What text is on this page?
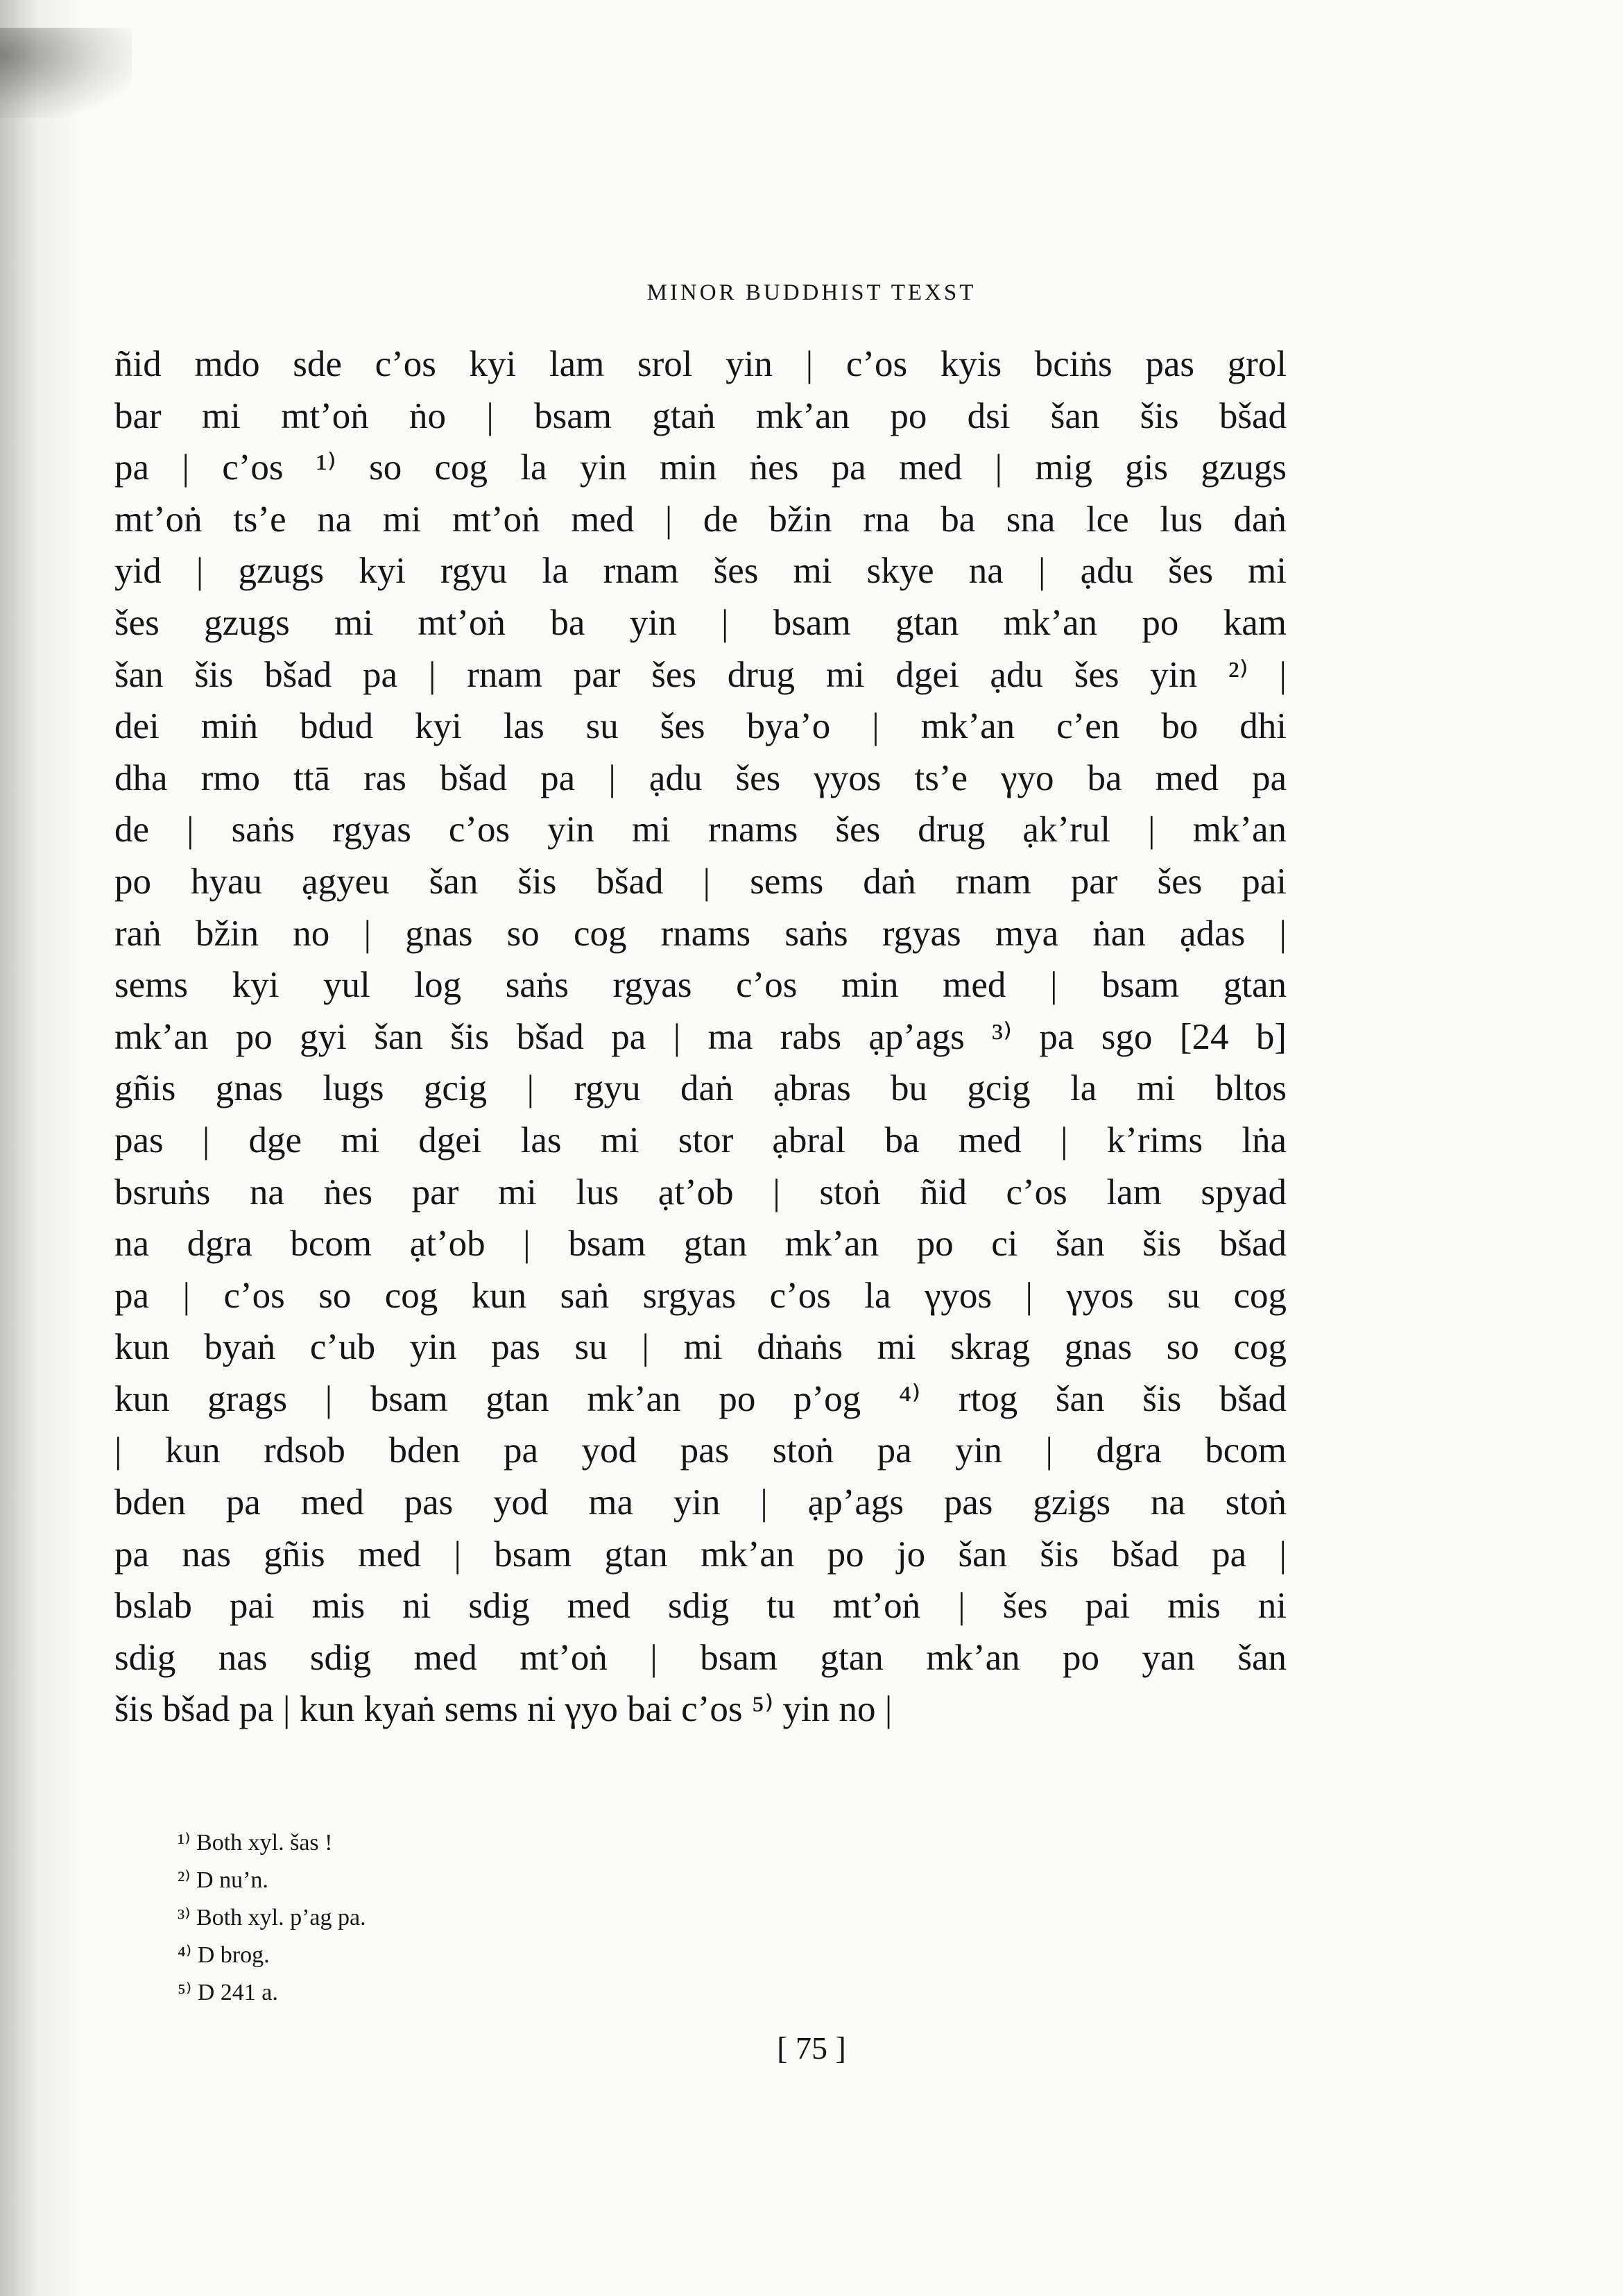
MINOR BUDDHIST TEXST
ñid mdo sde c’os kyi lam srol yin | c’os kyis bciṅs pas grol
bar mi mt’oṅ ṅo | bsam gtaṅ mk’an po dsi šan šis bšad
pa | c’os ¹⁾ so cog la yin min ṅes pa med | mig gis gzugs
mt’oṅ ts’e na mi mt’oṅ med | de bžin rna ba sna lce lus daṅ
yid | gzugs kyi rgyu la rnam šes mi skye na | ạdu šes mi
šes gzugs mi mt’oṅ ba yin | bsam gtan mk’an po kam
šan šis bšad pa | rnam par šes drug mi dgei ạdu šes yin ²⁾ |
dei miṅ bdud kyi las su šes bya’o | mk’an c’en bo dhi
dha rmo ttā ras bšad pa | ạdu šes γyos ts’e γyo ba med pa
de | saṅs rgyas c’os yin mi rnams šes drug ạk’rul | mk’an
po hyau ạgyeu šan šis bšad | sems daṅ rnam par šes pai
raṅ bžin no | gnas so cog rnams saṅs rgyas mya ṅan ạdas |
sems kyi yul log saṅs rgyas c’os min med | bsam gtan
mk’an po gyi šan šis bšad pa | ma rabs ạp’ags ³⁾ pa sgo [24 b]
gñis gnas lugs gcig | rgyu daṅ ạbras bu gcig la mi bltos
pas | dge mi dgei las mi stor ạbral ba med | k’rims lṅa
bsruṅs na ṅes par mi lus ạt’ob | stoṅ ñid c’os lam spyad
na dgra bcom ạt’ob | bsam gtan mk’an po ci šan šis bšad
pa | c’os so cog kun saṅ srgyas c’os la γyos | γyos su cog
kun byaṅ c’ub yin pas su | mi dṅaṅs mi skrag gnas so cog
kun grags | bsam gtan mk’an po p’og ⁴⁾ rtog šan šis bšad
| kun rdsob bden pa yod pas stoṅ pa yin | dgra bcom
bden pa med pas yod ma yin | ạp’ags pas gzigs na stoṅ
pa nas gñis med | bsam gtan mk’an po jo šan šis bšad pa |
bslab pai mis ni sdig med sdig tu mt’oṅ | šes pai mis ni
sdig nas sdig med mt’oṅ | bsam gtan mk’an po yan šan
šis bšad pa | kun kyaṅ sems ni γyo bai c’os ⁵⁾ yin no |
¹⁾ Both xyl. šas !
²⁾ D nu’n.
³⁾ Both xyl. p’ag pa.
⁴⁾ D brog.
⁵⁾ D 241 a.
[ 75 ]
